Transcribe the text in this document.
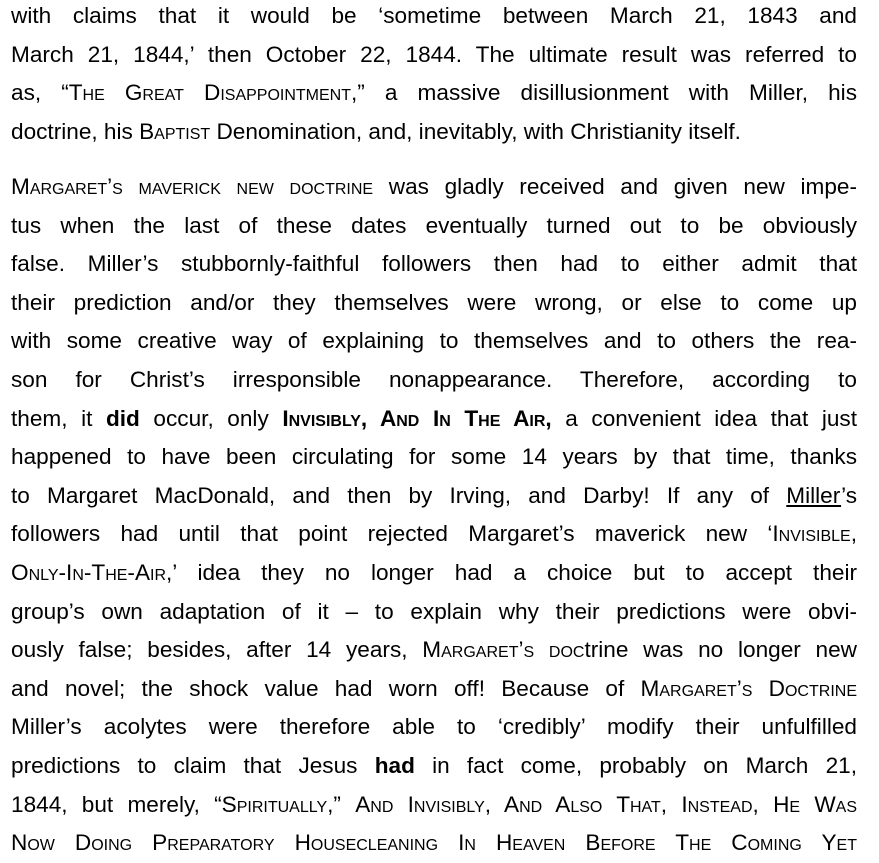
with claims that it would be ‘sometime between March 21, 1843 and
March 21, 1844,’ then October 22, 1844. The ultimate result was referred to
as, “The Great Disappointment,” a massive disillusionment with Miller, his
doctrine, his Baptist Denomination, and, inevitably, with Christianity itself.
Margaret’s maverick new doctrine was gladly received and given new impe-
tus when the last of these dates eventually turned out to be obviously
false. Miller’s stubbornly-faithful followers then had to either admit that
their prediction and/or they themselves were wrong, or else to come up
with some creative way of explaining to themselves and to others the rea-
son for Christ’s irresponsible nonappearance. Therefore, according to
them, it did occur, only Invisibly, And In The Air, a convenient idea that just
happened to have been circulating for some 14 years by that time, thanks
to Margaret MacDonald, and then by Irving, and Darby! If any of Miller’s
followers had until that point rejected Margaret’s maverick new ‘Invisible,
Only-In-The-Air,’ idea they no longer had a choice but to accept their
group’s own adaptation of it – to explain why their predictions were obvi-
ously false; besides, after 14 years, Margaret’s doctrine was no longer new
and novel; the shock value had worn off! Because of Margaret’s Doctrine
Miller’s acolytes were therefore able to ‘credibly’ modify their unfulfilled
predictions to claim that Jesus had in fact come, probably on March 21,
1844, but merely, “Spiritually,” And Invisibly, And Also That, Instead, He Was
Now Doing Preparatory Housecleaning In Heaven Before The Coming Yet
